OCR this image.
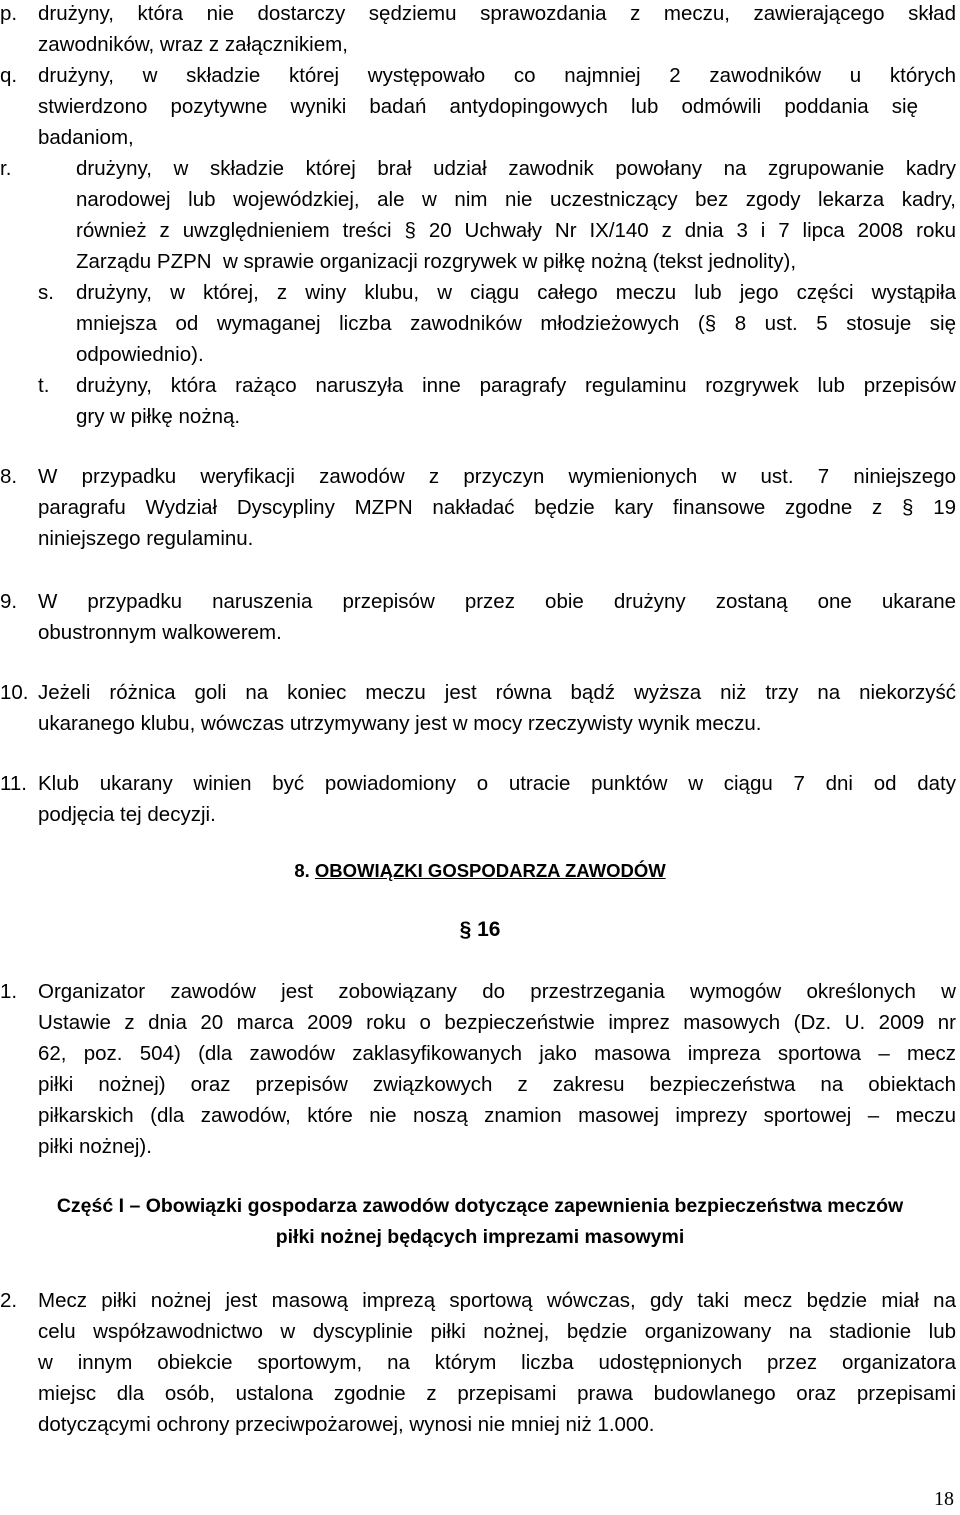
p. drużyny, która nie dostarczy sędziemu sprawozdania z meczu, zawierającego skład
zawodników, wraz z załącznikiem,
q. drużyny, w składzie której występowało co najmniej 2 zawodników u których
stwierdzono pozytywne wyniki badań antydopingowych lub odmówili poddania się
badaniom,
r.	drużyny, w składzie której brał udział zawodnik powołany na zgrupowanie kadry
narodowej lub wojewódzkiej, ale w nim nie uczestniczący bez zgody lekarza kadry,
również z uwzględnieniem treści § 20 Uchwały Nr IX/140 z dnia 3 i 7 lipca 2008 roku
Zarządu PZPN  w sprawie organizacji rozgrywek w piłkę nożną (tekst jednolity),
s. drużyny, w której, z winy klubu, w ciągu całego meczu lub jego części wystąpiła
mniejsza od wymaganej liczba zawodników młodzieżowych (§ 8 ust. 5 stosuje się
odpowiednio).
t. drużyny, która rażąco naruszyła inne paragrafy regulaminu rozgrywek lub przepisów
gry w piłkę nożną.
8. W przypadku weryfikacji zawodów z przyczyn wymienionych w ust. 7 niniejszego
paragrafu Wydział Dyscypliny MZPN nakładać będzie kary finansowe zgodne z § 19
niniejszego regulaminu.
9. W przypadku naruszenia przepisów przez obie drużyny zostaną one ukarane
obustronnym walkowerem.
10. Jeżeli różnica goli na koniec meczu jest równa bądź wyższa niż trzy na niekorzyść
ukaranego klubu, wówczas utrzymywany jest w mocy rzeczywisty wynik meczu.
11. Klub ukarany winien być powiadomiony o utracie punktów w ciągu 7 dni od daty
podjęcia tej decyzji.
8. OBOWIĄZKI GOSPODARZA ZAWODÓW
§ 16
1. Organizator zawodów jest zobowiązany do przestrzegania wymogów określonych w
Ustawie z dnia 20 marca 2009 roku o bezpieczeństwie imprez masowych (Dz. U. 2009 nr
62, poz. 504) (dla zawodów zaklasyfikowanych jako masowa impreza sportowa – mecz
piłki nożnej) oraz przepisów związkowych z zakresu bezpieczeństwa na obiektach
piłkarskich (dla zawodów, które nie noszą znamion masowej imprezy sportowej – meczu
piłki nożnej).
Część I – Obowiązki gospodarza zawodów dotyczące zapewnienia bezpieczeństwa meczów
piłki nożnej będących imprezami masowymi
2. Mecz piłki nożnej jest masową imprezą sportową wówczas, gdy taki mecz będzie miał na
celu współzawodnictwo w dyscyplinie piłki nożnej, będzie organizowany na stadionie lub
w innym obiekcie sportowym, na którym liczba udostępnionych przez organizatora
miejsc dla osób, ustalona zgodnie z przepisami prawa budowlanego oraz przepisami
dotyczącymi ochrony przeciwpożarowej, wynosi nie mniej niż 1.000.
18
